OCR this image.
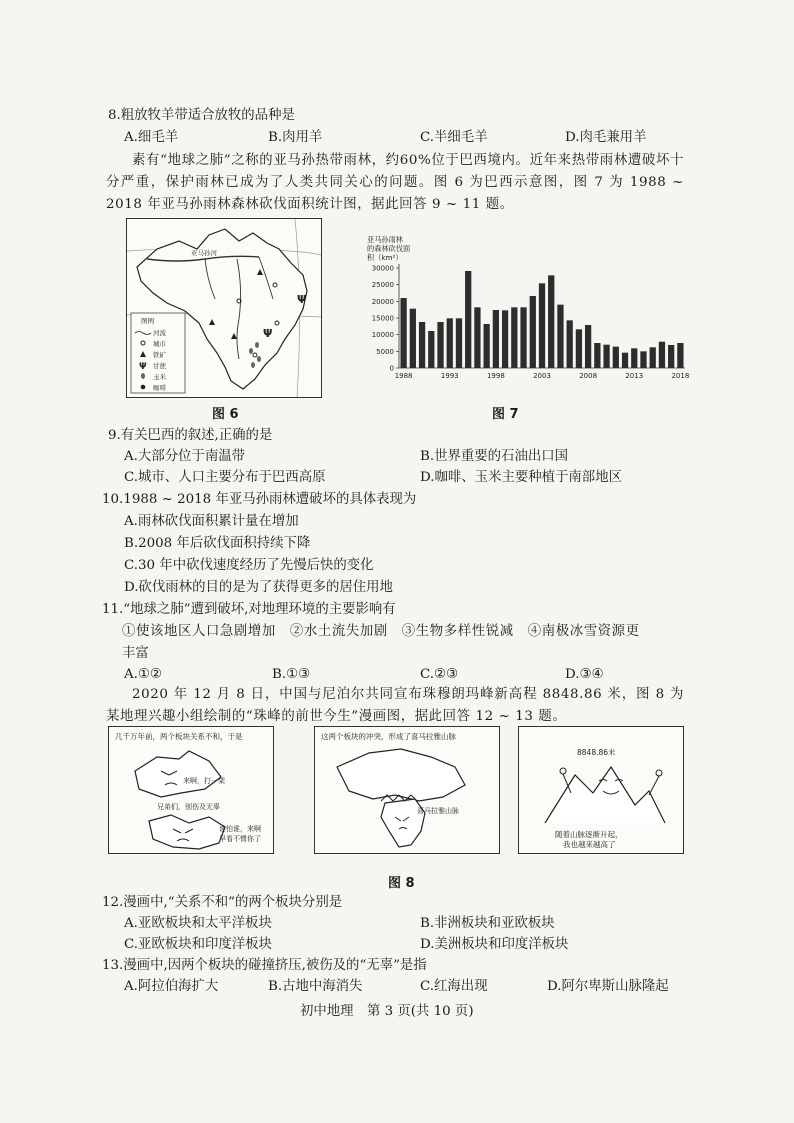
8.粗放牧羊带适合放牧的品种是
A.细毛羊	B.肉用羊	C.半细毛羊	D.肉毛兼用羊
素有“地球之肺”之称的亚马孙热带雨林，约60%位于巴西境内。近年来热带雨林遭破坏十分严重，保护雨林已成为了人类共同关心的问题。图 6 为巴西示意图，图 7 为 1988 ~ 2018 年亚马孙雨林森林砍伐面积统计图，据此回答 9 ~ 11 题。
亚马孙河
Ψ
Ψ
图例
河流
城市
铁矿
Ψ 甘蔗
玉米
咖啡
图 6
亚马孙雨林
的森林砍伐面
积（km²）
0
5000
10000
15000
20000
25000
30000
1988	1993	1998	2003	2008	2013	2018
图 7
9.有关巴西的叙述,正确的是
A.大部分位于南温带	B.世界重要的石油出口国
C.城市、人口主要分布于巴西高原	D.咖啡、玉米主要种植于南部地区
10.1988 ~ 2018 年亚马孙雨林遭破坏的具体表现为
A.雨林砍伐面积累计量在增加
B.2008 年后砍伐面积持续下降
C.30 年中砍伐速度经历了先慢后快的变化
D.砍伐雨林的目的是为了获得更多的居住用地
11.“地球之肺”遭到破坏,对地理环境的主要影响有
①使该地区人口急剧增加　②水土流失加剧　③生物多样性锐减　④南极冰雪资源更
丰富
A.①②	B.①③	C.②③	D.③④
2020 年 12 月 8 日，中国与尼泊尔共同宣布珠穆朗玛峰新高程 8848.86 米，图 8 为某地理兴趣小组绘制的“珠峰的前世今生”漫画图，据此回答 12 ~ 13 题。
几千万年前，两个板块关系不和，于是
来啊，打一架
兄弟们，别伤及无辜
谁怕谁，来啊
早看不惯你了
这两个板块的冲突，形成了喜马拉雅山脉
喜马拉雅山脉
8848.86米
随着山脉逐渐升起，
我也越来越高了
图 8
12.漫画中,“关系不和”的两个板块分别是
A.亚欧板块和太平洋板块	B.非洲板块和亚欧板块
C.亚欧板块和印度洋板块	D.美洲板块和印度洋板块
13.漫画中,因两个板块的碰撞挤压,被伤及的“无辜”是指
A.阿拉伯海扩大	B.古地中海消失	C.红海出现	D.阿尔卑斯山脉隆起
初中地理　第 3 页(共 10 页)
